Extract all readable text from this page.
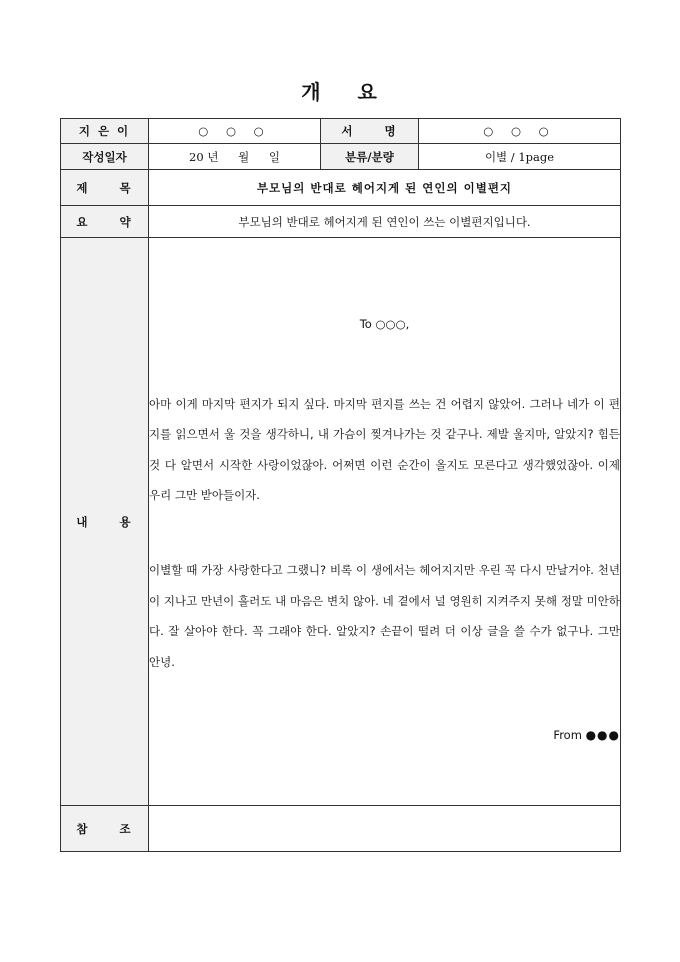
개 요
지 은 이	○ ○ ○	서 명	○ ○ ○
작성일자	20 년 월 일	분류/분량	이별 / 1page
제 목	부모님의 반대로 헤어지게 된 연인의 이별편지		
요 약	부모님의 반대로 헤어지게 된 연인이 쓰는 이별편지입니다.		
내 용	To ○○○,
아마 이게 마지막 편지가 되지 싶다. 마지막 편지를 쓰는 건 어렵지 않았어. 그러나 네가 이 편지를 읽으면서 울 것을 생각하니, 내 가슴이 찢겨나가는 것 같구나. 제발 울지마, 알았지? 힘든 것 다 알면서 시작한 사랑이었잖아. 어쩌면 이런 순간이 올지도 모른다고 생각했었잖아. 이제 우리 그만 받아들이자.
이별할 때 가장 사랑한다고 그랬니? 비록 이 생에서는 헤어지지만 우린 꼭 다시 만날거야. 천년이 지나고 만년이 흘러도 내 마음은 변치 않아. 네 곁에서 널 영원히 지켜주지 못해 정말 미안하다. 잘 살아야 한다. 꼭 그래야 한다. 알았지? 손끝이 떨려 더 이상 글을 쓸 수가 없구나. 그만 안녕.
From ●●●		

참 조			
